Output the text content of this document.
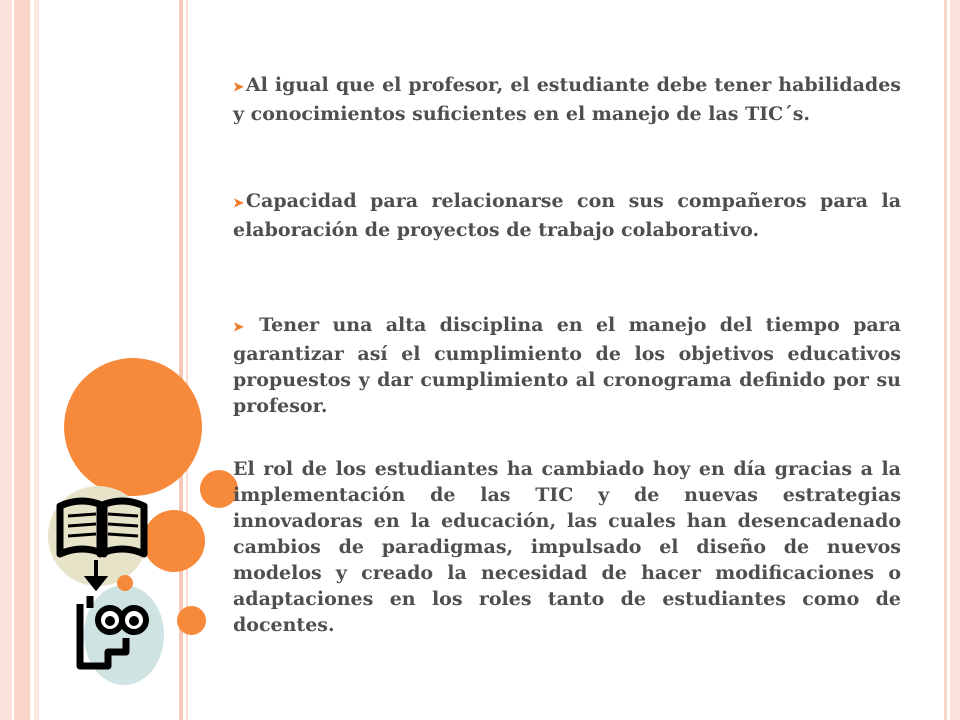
➤ Al igual que el profesor, el estudiante debe tener habilidades y conocimientos suficientes en el manejo de las TIC´s.

➤ Capacidad para relacionarse con sus compañeros para la elaboración de proyectos de trabajo colaborativo.

➤ Tener una alta disciplina en el manejo del tiempo para garantizar así el cumplimiento de los objetivos educativos propuestos y dar cumplimiento al cronograma definido por su profesor.

El rol de los estudiantes ha cambiado hoy en día gracias a la implementación de las TIC y de nuevas estrategias innovadoras en la educación, las cuales han desencadenado cambios de paradigmas, impulsado el diseño de nuevos modelos y creado la necesidad de hacer modificaciones o adaptaciones en los roles tanto de estudiantes como de docentes.
